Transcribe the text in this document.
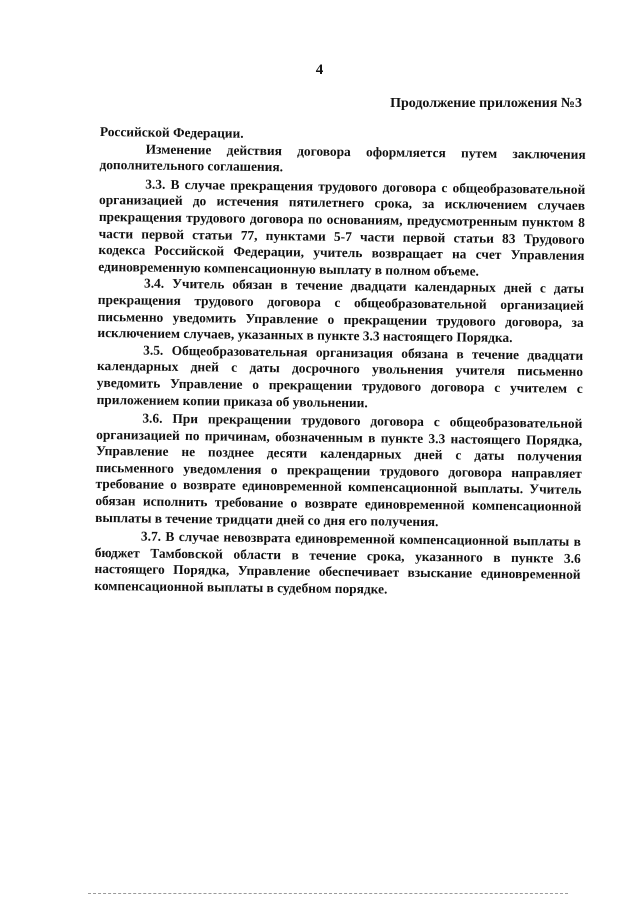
4
Продолжение приложения №3

Российской Федерации.

Изменение действия договора оформляется путем заключения дополнительного соглашения.

3.3. В случае прекращения трудового договора с общеобразовательной организацией до истечения пятилетнего срока, за исключением случаев прекращения трудового договора по основаниям, предусмотренным пунктом 8 части первой статьи 77, пунктами 5-7 части первой статьи 83 Трудового кодекса Российской Федерации, учитель возвращает на счет Управления единовременную компенсационную выплату в полном объеме.

3.4. Учитель обязан в течение двадцати календарных дней с даты прекращения трудового договора с общеобразовательной организацией письменно уведомить Управление о прекращении трудового договора, за исключением случаев, указанных в пункте 3.3 настоящего Порядка.

3.5. Общеобразовательная организация обязана в течение двадцати календарных дней с даты досрочного увольнения учителя письменно уведомить Управление о прекращении трудового договора с учителем с приложением копии приказа об увольнении.

3.6. При прекращении трудового договора с общеобразовательной организацией по причинам, обозначенным в пункте 3.3 настоящего Порядка, Управление не позднее десяти календарных дней с даты получения письменного уведомления о прекращении трудового договора направляет требование о возврате единовременной компенсационной выплаты. Учитель обязан исполнить требование о возврате единовременной компенсационной выплаты в течение тридцати дней со дня его получения.

3.7. В случае невозврата единовременной компенсационной выплаты в бюджет Тамбовской области в течение срока, указанного в пункте 3.6 настоящего Порядка, Управление обеспечивает взыскание единовременной компенсационной выплаты в судебном порядке.
